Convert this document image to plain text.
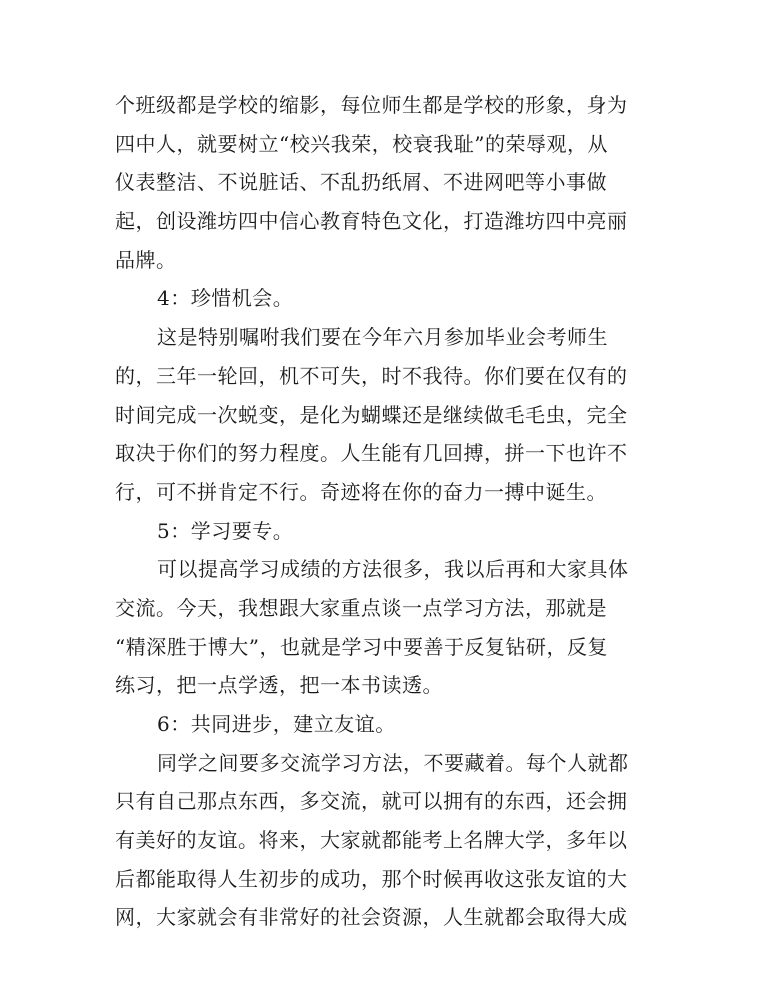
个班级都是学校的缩影，每位师生都是学校的形象，身为
四中人，就要树立“校兴我荣，校衰我耻”的荣辱观，从
仪表整洁、不说脏话、不乱扔纸屑、不进网吧等小事做
起，创设潍坊四中信心教育特色文化，打造潍坊四中亮丽
品牌。
4：珍惜机会。
这是特别嘱咐我们要在今年六月参加毕业会考师生
的，三年一轮回，机不可失，时不我待。你们要在仅有的
时间完成一次蜕变，是化为蝴蝶还是继续做毛毛虫，完全
取决于你们的努力程度。人生能有几回搏，拼一下也许不
行，可不拼肯定不行。奇迹将在你的奋力一搏中诞生。
5：学习要专。
可以提高学习成绩的方法很多，我以后再和大家具体
交流。今天，我想跟大家重点谈一点学习方法，那就是
“精深胜于博大”，也就是学习中要善于反复钻研，反复
练习，把一点学透，把一本书读透。
6：共同进步，建立友谊。
同学之间要多交流学习方法，不要藏着。每个人就都
只有自己那点东西，多交流，就可以拥有的东西，还会拥
有美好的友谊。将来，大家就都能考上名牌大学，多年以
后都能取得人生初步的成功，那个时候再收这张友谊的大
网，大家就会有非常好的社会资源，人生就都会取得大成
